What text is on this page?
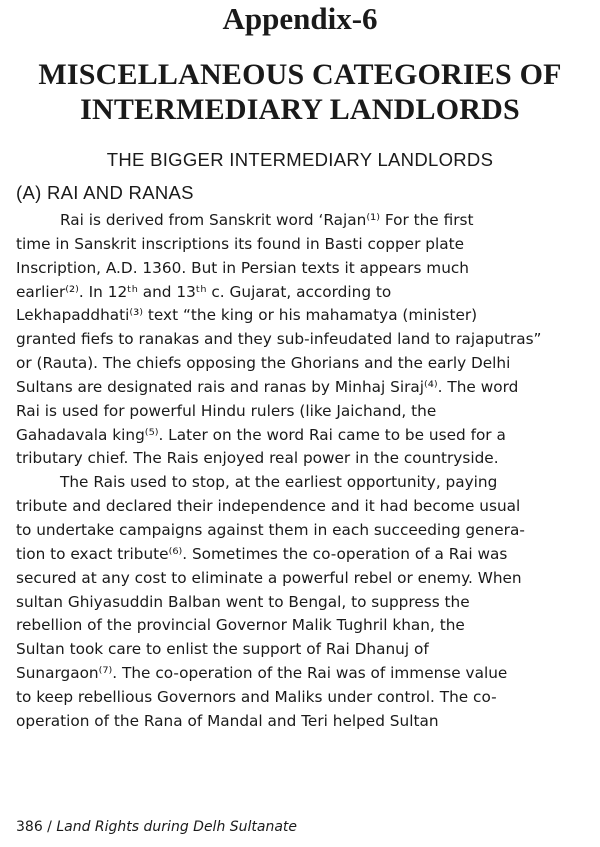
Appendix-6
MISCELLANEOUS CATEGORIES OF
INTERMEDIARY LANDLORDS
THE BIGGER INTERMEDIARY LANDLORDS
(A) RAI AND RANAS
Rai is derived from Sanskrit word ‘Rajan⁽¹⁾ For the first
time in Sanskrit inscriptions its found in Basti copper plate
Inscription, A.D. 1360. But in Persian texts it appears much
earlier⁽²⁾. In 12ᵗʰ and 13ᵗʰ c. Gujarat, according to
Lekhapaddhati⁽³⁾ text “the king or his mahamatya (minister)
granted fiefs to ranakas and they sub-infeudated land to rajaputras”
or (Rauta). The chiefs opposing the Ghorians and the early Delhi
Sultans are designated rais and ranas by Minhaj Siraj⁽⁴⁾. The word
Rai is used for powerful Hindu rulers (like Jaichand, the
Gahadavala king⁽⁵⁾. Later on the word Rai came to be used for a
tributary chief. The Rais enjoyed real power in the countryside.
The Rais used to stop, at the earliest opportunity, paying
tribute and declared their independence and it had become usual
to undertake campaigns against them in each succeeding genera-
tion to exact tribute⁽⁶⁾. Sometimes the co-operation of a Rai was
secured at any cost to eliminate a powerful rebel or enemy. When
sultan Ghiyasuddin Balban went to Bengal, to suppress the
rebellion of the provincial Governor Malik Tughril khan, the
Sultan took care to enlist the support of Rai Dhanuj of
Sunargaon⁽⁷⁾. The co-operation of the Rai was of immense value
to keep rebellious Governors and Maliks under control. The co-
operation of the Rana of Mandal and Teri helped Sultan
386 / Land Rights during Delh Sultanate
